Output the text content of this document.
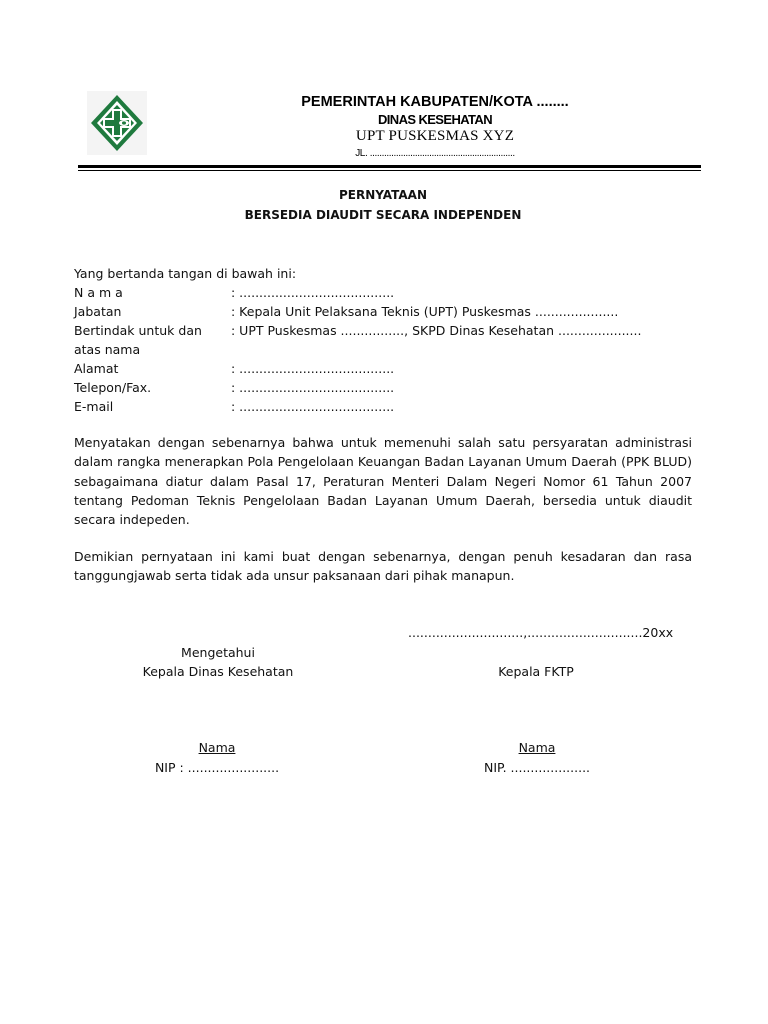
PEMERINTAH KABUPATEN/KOTA ........
DINAS KESEHATAN
UPT PUSKESMAS XYZ
JL. .............................................................
PERNYATAAN
BERSEDIA DIAUDIT SECARA INDEPENDEN
Yang bertanda tangan di bawah ini:
N a m a	: .......................................
Jabatan	: Kepala Unit Pelaksana Teknis (UPT) Puskesmas .....................
Bertindak untuk dan atas nama
: UPT Puskesmas ................, SKPD Dinas Kesehatan .....................
Alamat	: .......................................
Telepon/Fax.	: .......................................
E-mail	: .......................................
Menyatakan dengan sebenarnya bahwa untuk memenuhi salah satu persyaratan administrasi dalam rangka menerapkan Pola Pengelolaan Keuangan Badan Layanan Umum Daerah (PPK BLUD) sebagaimana diatur dalam Pasal 17, Peraturan Menteri Dalam Negeri Nomor 61 Tahun 2007 tentang Pedoman Teknis Pengelolaan Badan Layanan Umum Daerah, bersedia untuk diaudit secara indepeden.
Demikian pernyataan ini kami buat dengan sebenarnya, dengan penuh kesadaran dan rasa tanggungjawab serta tidak ada unsur paksanaan dari pihak manapun.
.............................,.............................20xx
Mengetahui
Kepala Dinas Kesehatan	Kepala FKTP
Nama	Nama
NIP : .......................	NIP. ....................
